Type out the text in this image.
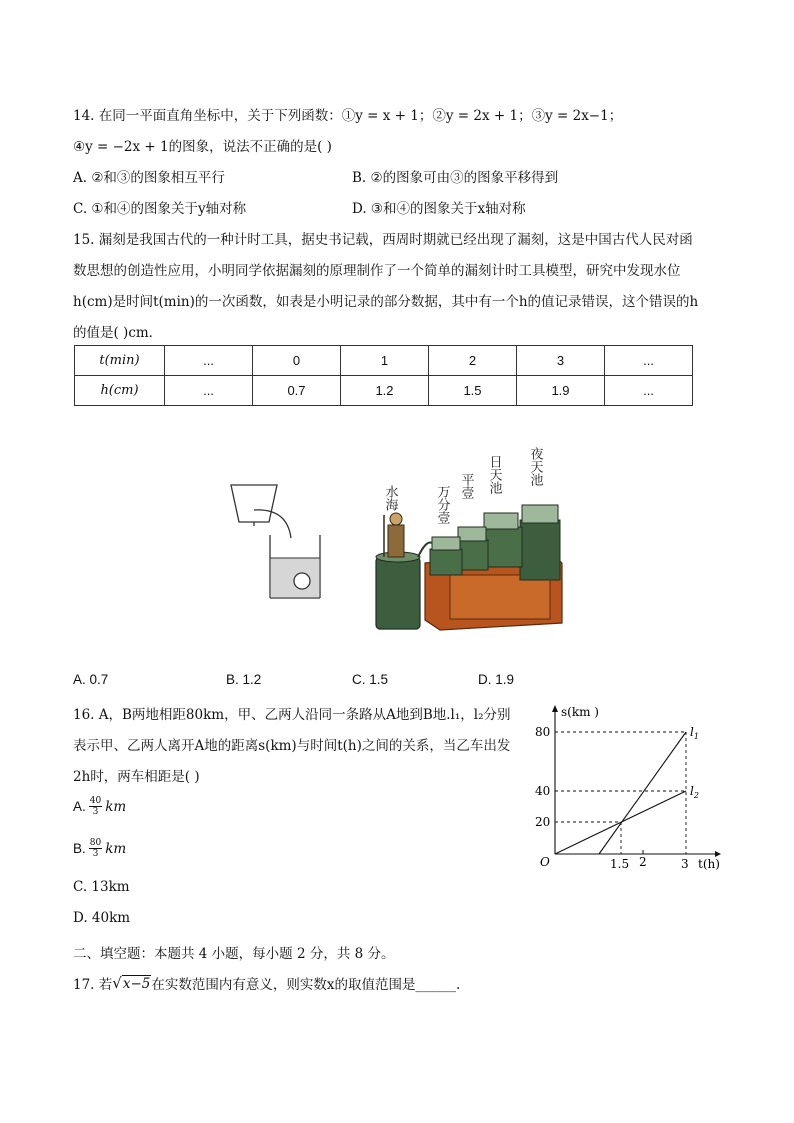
14. 在同一平面直角坐标中，关于下列函数：①y = x + 1；②y = 2x + 1；③y = 2x−1；
④y = −2x + 1的图象，说法不正确的是( )
A. ②和③的图象相互平行	B. ②的图象可由③的图象平移得到
C. ①和④的图象关于y轴对称	D. ③和④的图象关于x轴对称
15. 漏刻是我国古代的一种计时工具，据史书记载，西周时期就已经出现了漏刻，这是中国古代人民对函
数思想的创造性应用，小明同学依据漏刻的原理制作了一个简单的漏刻计时工具模型，研究中发现水位
h(cm)是时间t(min)的一次函数，如表是小明记录的部分数据，其中有一个h的值记录错误，这个错误的h
的值是( )cm．
t(min)	...	0	1	2	3	...
h(cm)	...	0.7	1.2	1.5	1.9	...
水海	万分壹 平壹 日天池 夜天池
A. 0.7	B. 1.2	C. 1.5	D. 1.9
16. A，B两地相距80km，甲、乙两人沿同一条路从A地到B地.l₁，l₂分别
表示甲、乙两人离开A地的距离s(km)与时间t(h)之间的关系，当乙车出发
2h时，两车相距是( )
A. $\frac{40}{3}$ km
B. $\frac{80}{3}$ km
C. 13km
D. 40km
s(km )
t(h)
O
80
40
20
1.5 2	3
$l_1$
$l_2$
二、填空题：本题共 4 小题，每小题 2 分，共 8 分。
17. 若 √ x−5 在实数范围内有意义，则实数x的取值范围是______.
